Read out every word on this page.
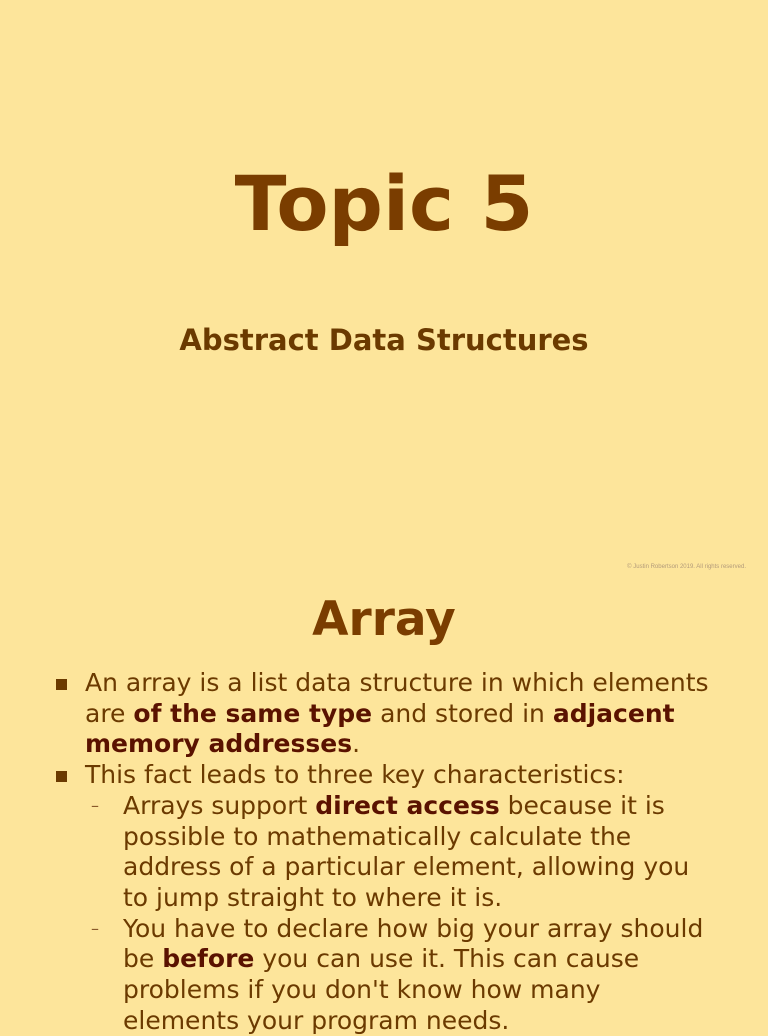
Topic 5
Abstract Data Structures
© Justin Robertson 2019. All rights reserved.
Array
An array is a list data structure in which elements are of the same type and stored in adjacent memory addresses.
This fact leads to three key characteristics:
– Arrays support direct access because it is possible to mathematically calculate the address of a particular element, allowing you to jump straight to where it is.
– You have to declare how big your array should be before you can use it. This can cause problems if you don't know how many elements your program needs.
